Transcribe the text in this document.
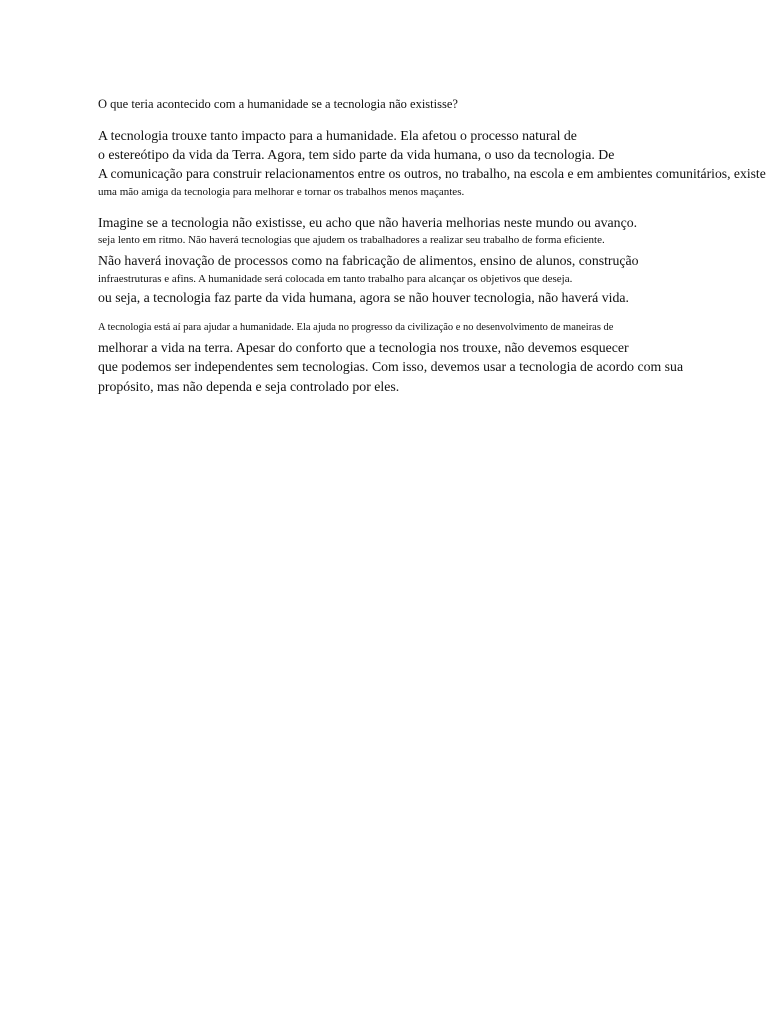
O que teria acontecido com a humanidade se a tecnologia não existisse?
A tecnologia trouxe tanto impacto para a humanidade. Ela afetou o processo natural de
o estereótipo da vida da Terra. Agora, tem sido parte da vida humana, o uso da tecnologia. De
A comunicação para construir relacionamentos entre os outros, no trabalho, na escola e em ambientes comunitários, existe
uma mão amiga da tecnologia para melhorar e tornar os trabalhos menos maçantes.
Imagine se a tecnologia não existisse, eu acho que não haveria melhorias neste mundo ou avanço.
seja lento em ritmo. Não haverá tecnologias que ajudem os trabalhadores a realizar seu trabalho de forma eficiente.
Não haverá inovação de processos como na fabricação de alimentos, ensino de alunos, construção
infraestruturas e afins. A humanidade será colocada em tanto trabalho para alcançar os objetivos que deseja.
ou seja, a tecnologia faz parte da vida humana, agora se não houver tecnologia, não haverá vida.
A tecnologia está aí para ajudar a humanidade. Ela ajuda no progresso da civilização e no desenvolvimento de maneiras de
melhorar a vida na terra. Apesar do conforto que a tecnologia nos trouxe, não devemos esquecer
que podemos ser independentes sem tecnologias. Com isso, devemos usar a tecnologia de acordo com sua
propósito, mas não dependa e seja controlado por eles.
